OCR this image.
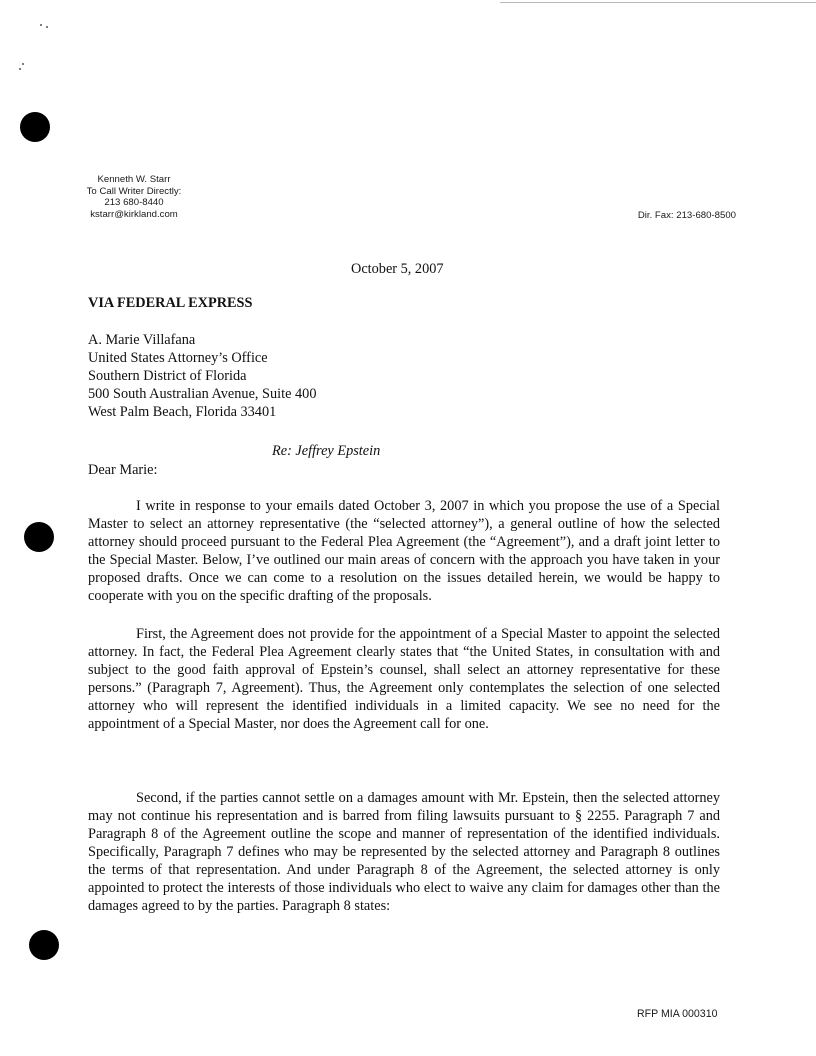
Kenneth W. Starr
To Call Writer Directly:
213 680-8440
kstarr@kirkland.com	Dir. Fax: 213-680-8500
October 5, 2007
VIA FEDERAL EXPRESS
A. Marie Villafana
United States Attorney’s Office
Southern District of Florida
500 South Australian Avenue, Suite 400
West Palm Beach, Florida 33401
Re: Jeffrey Epstein
Dear Marie:
I write in response to your emails dated October 3, 2007 in which you propose the use of a Special Master to select an attorney representative (the “selected attorney”), a general outline of how the selected attorney should proceed pursuant to the Federal Plea Agreement (the “Agreement”), and a draft joint letter to the Special Master. Below, I’ve outlined our main areas of concern with the approach you have taken in your proposed drafts. Once we can come to a resolution on the issues detailed herein, we would be happy to cooperate with you on the specific drafting of the proposals.
First, the Agreement does not provide for the appointment of a Special Master to appoint the selected attorney. In fact, the Federal Plea Agreement clearly states that “the United States, in consultation with and subject to the good faith approval of Epstein’s counsel, shall select an attorney representative for these persons.” (Paragraph 7, Agreement). Thus, the Agreement only contemplates the selection of one selected attorney who will represent the identified individuals in a limited capacity. We see no need for the appointment of a Special Master, nor does the Agreement call for one.
Second, if the parties cannot settle on a damages amount with Mr. Epstein, then the selected attorney may not continue his representation and is barred from filing lawsuits pursuant to § 2255. Paragraph 7 and Paragraph 8 of the Agreement outline the scope and manner of representation of the identified individuals. Specifically, Paragraph 7 defines who may be represented by the selected attorney and Paragraph 8 outlines the terms of that representation. And under Paragraph 8 of the Agreement, the selected attorney is only appointed to protect the interests of those individuals who elect to waive any claim for damages other than the damages agreed to by the parties. Paragraph 8 states:
RFP MIA 000310
